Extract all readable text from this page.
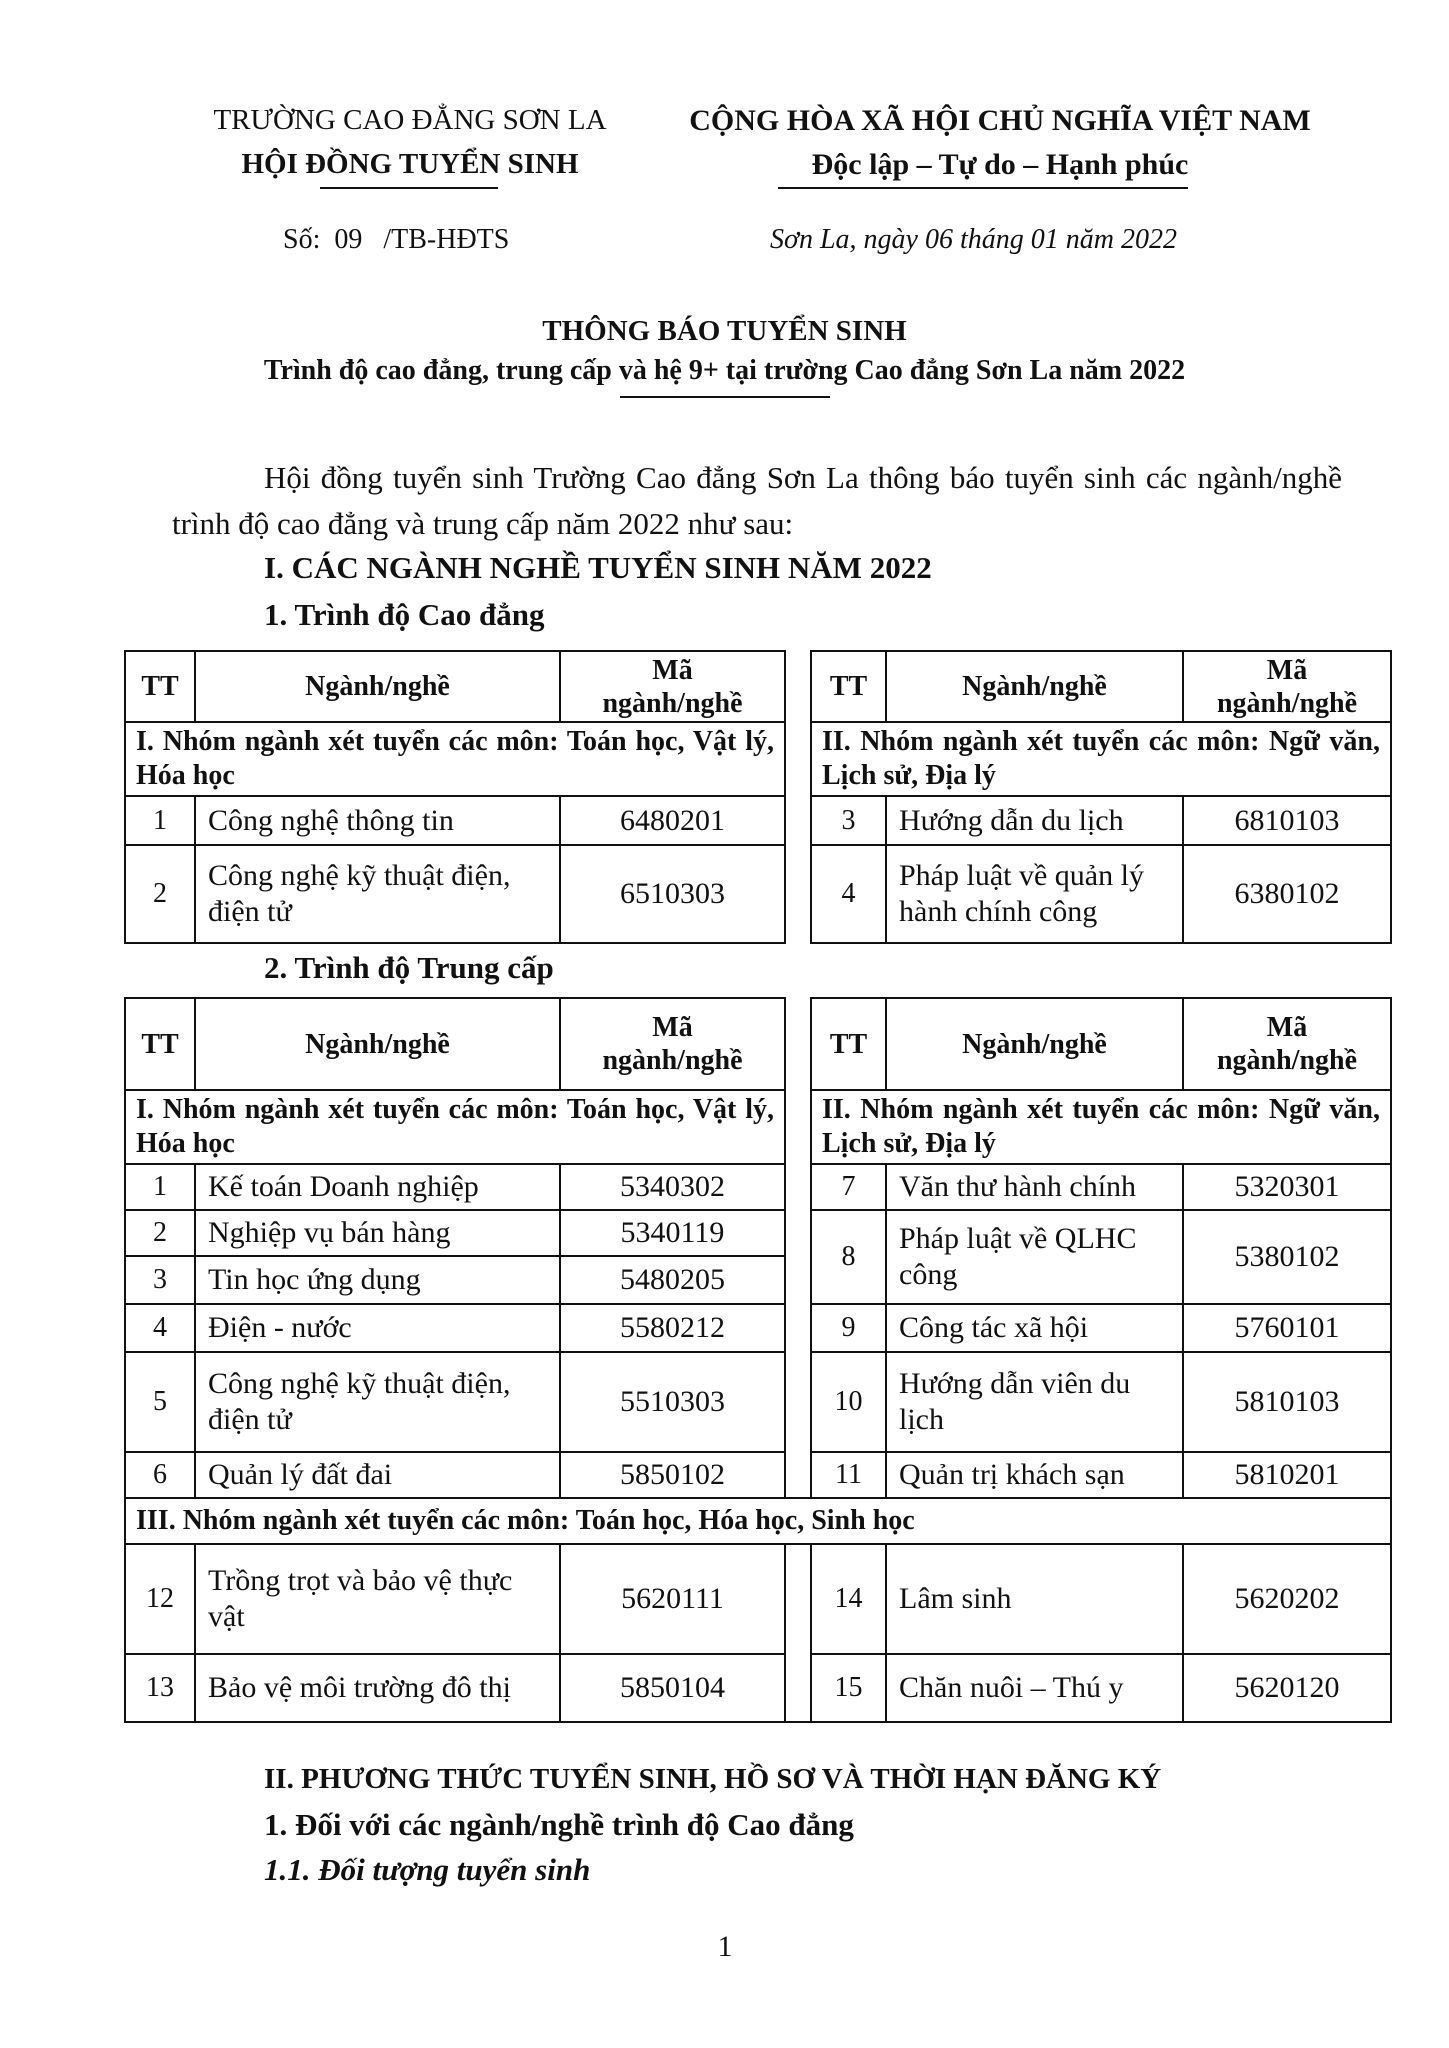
TRƯỜNG CAO ĐẲNG SƠN LA
HỘI ĐỒNG TUYỂN SINH
CỘNG HÒA XÃ HỘI CHỦ NGHĨA VIỆT NAM
Độc lập – Tự do – Hạnh phúc
Số:  09   /TB-HĐTS	Sơn La, ngày 06 tháng 01 năm 2022
THÔNG BÁO TUYỂN SINH
Trình độ cao đẳng, trung cấp và hệ 9+ tại trường Cao đẳng Sơn La năm 2022
Hội đồng tuyển sinh Trường Cao đẳng Sơn La thông báo tuyển sinh các ngành/nghề trình độ cao đẳng và trung cấp năm 2022 như sau:
I. CÁC NGÀNH NGHỀ TUYỂN SINH NĂM 2022
1. Trình độ Cao đẳng
TT	Ngành/nghề	Mã
ngành/nghề
I. Nhóm ngành xét tuyển các môn: Toán học, Vật lý, Hóa học		
1	Công nghệ thông tin	6480201
2	Công nghệ kỹ thuật điện, điện tử	6510303
TT	Ngành/nghề	Mã
ngành/nghề
II. Nhóm ngành xét tuyển các môn: Ngữ văn, Lịch sử, Địa lý		
3	Hướng dẫn du lịch	6810103
4	Pháp luật về quản lý hành chính công	6380102
2. Trình độ Trung cấp
TT	Ngành/nghề	Mã
ngành/nghề		TT	Ngành/nghề	Mã
ngành/nghề
I. Nhóm ngành xét tuyển các môn: Toán học, Vật lý, Hóa học				II. Nhóm ngành xét tuyển các môn: Ngữ văn, Lịch sử, Địa lý		
1	Kế toán Doanh nghiệp	5340302		7	Văn thư hành chính	5320301
2	Nghiệp vụ bán hàng	5340119		8	Pháp luật về QLHC công	5380102
3	Tin học ứng dụng	5480205				
4	Điện - nước	5580212		9	Công tác xã hội	5760101
5	Công nghệ kỹ thuật điện, điện tử	5510303		10	Hướng dẫn viên du lịch	5810103
6	Quản lý đất đai	5850102		11	Quản trị khách sạn	5810201
III. Nhóm ngành xét tuyển các môn: Toán học, Hóa học, Sinh học						
12	Trồng trọt và bảo vệ thực vật	5620111		14	Lâm sinh	5620202
13	Bảo vệ môi trường đô thị	5850104		15	Chăn nuôi – Thú y	5620120
II. PHƯƠNG THỨC TUYỂN SINH, HỒ SƠ VÀ THỜI HẠN ĐĂNG KÝ
1. Đối với các ngành/nghề trình độ Cao đẳng
1.1. Đối tượng tuyển sinh
1
